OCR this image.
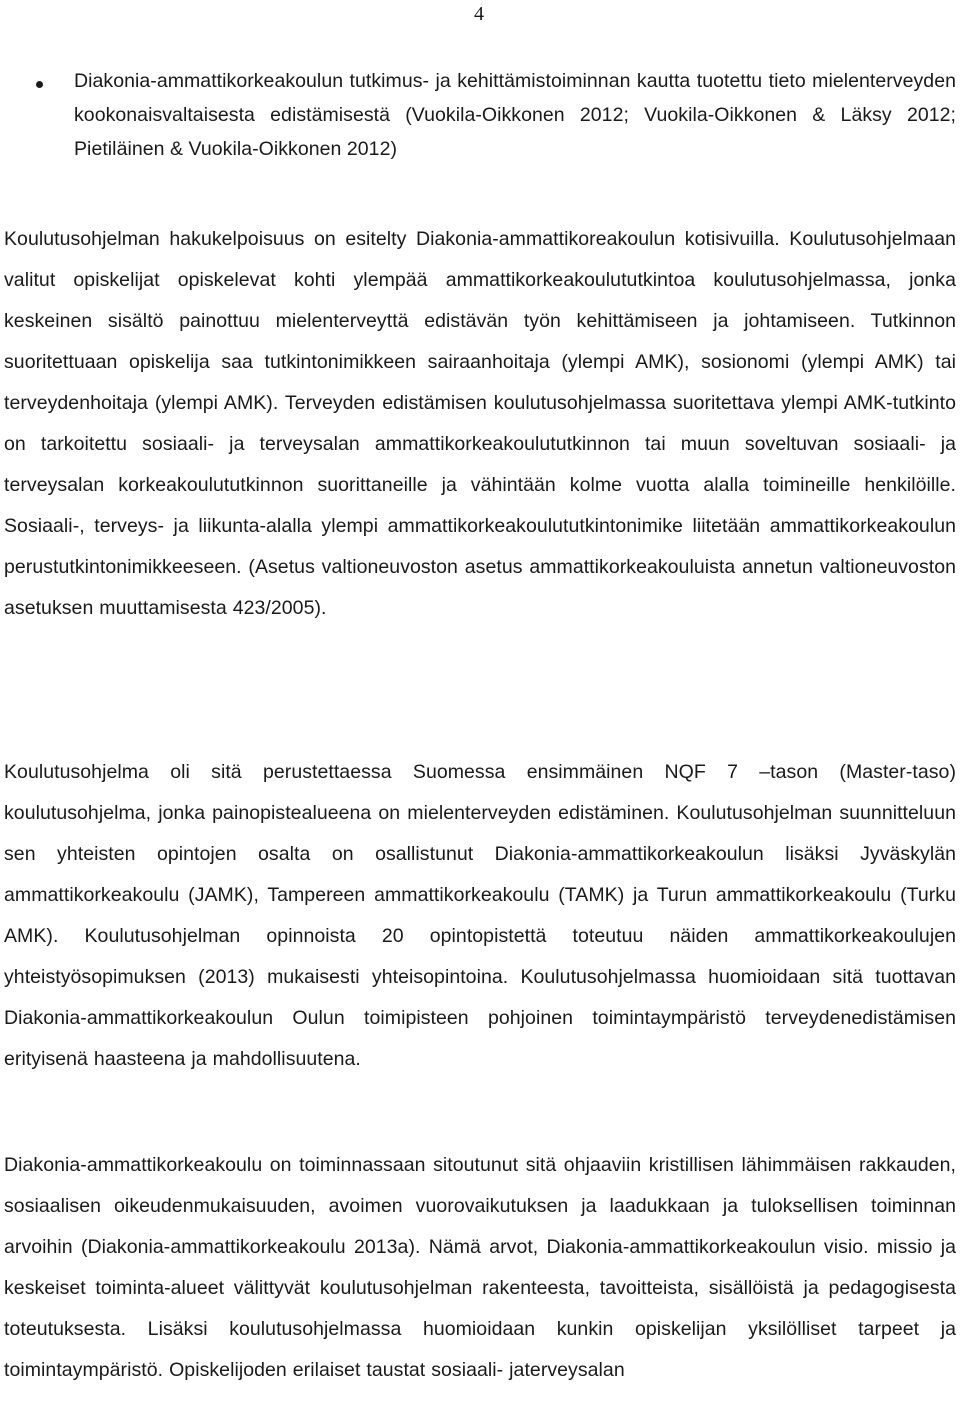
4
Diakonia-ammattikorkeakoulun tutkimus- ja kehittämistoiminnan kautta tuotettu tieto mielenterveyden kookonaisvaltaisesta edistämisestä (Vuokila-Oikkonen 2012; Vuokila-Oikkonen & Läksy 2012; Pietiläinen & Vuokila-Oikkonen 2012)
Koulutusohjelman hakukelpoisuus on esitelty Diakonia-ammattikoreakoulun kotisivuilla. Koulutusohjelmaan valitut opiskelijat opiskelevat kohti ylempää ammattikorkeakoulututkintoa koulutusohjelmassa, jonka keskeinen sisältö painottuu mielenterveyttä edistävän työn kehittämiseen ja johtamiseen. Tutkinnon suoritettuaan opiskelija saa tutkintonimikkeen sairaanhoitaja (ylempi AMK), sosionomi (ylempi AMK) tai terveydenhoitaja (ylempi AMK). Terveyden edistämisen koulutusohjelmassa suoritettava ylempi AMK-tutkinto on tarkoitettu sosiaali- ja terveysalan ammattikorkeakoulututkinnon tai muun soveltuvan sosiaali- ja terveysalan korkeakoulututkinnon suorittaneille ja vähintään kolme vuotta alalla toimineille henkilöille. Sosiaali-, terveys- ja liikunta-alalla ylempi ammattikorkeakoulututkintonimike liitetään ammattikorkeakoulun perustutkintonimikkeeseen. (Asetus valtioneuvoston asetus ammattikorkeakouluista annetun valtioneuvoston asetuksen muuttamisesta 423/2005).
Koulutusohjelma oli sitä perustettaessa Suomessa ensimmäinen NQF 7 –tason (Master-taso) koulutusohjelma, jonka painopistealueena on mielenterveyden edistäminen. Koulutusohjelman suunnitteluun sen yhteisten opintojen osalta on osallistunut Diakonia-ammattikorkeakoulun lisäksi Jyväskylän ammattikorkeakoulu (JAMK), Tampereen ammattikorkeakoulu (TAMK) ja Turun ammattikorkeakoulu (Turku AMK). Koulutusohjelman opinnoista 20 opintopistettä toteutuu näiden ammattikorkeakoulujen yhteistyösopimuksen (2013) mukaisesti yhteisopintoina. Koulutusohjelmassa huomioidaan sitä tuottavan Diakonia-ammattikorkeakoulun Oulun toimipisteen pohjoinen toimintaympäristö terveydenedistämisen erityisenä haasteena ja mahdollisuutena.
Diakonia-ammattikorkeakoulu on toiminnassaan sitoutunut sitä ohjaaviin kristillisen lähimmäisen rakkauden, sosiaalisen oikeudenmukaisuuden, avoimen vuorovaikutuksen ja laadukkaan ja tuloksellisen toiminnan arvoihin (Diakonia-ammattikorkeakoulu 2013a). Nämä arvot, Diakonia-ammattikorkeakoulun visio. missio ja keskeiset toiminta-alueet välittyvät koulutusohjelman rakenteesta, tavoitteista, sisällöistä ja pedagogisesta toteutuksesta. Lisäksi koulutusohjelmassa huomioidaan kunkin opiskelijan yksilölliset tarpeet ja toimintaympäristö. Opiskelijoden erilaiset taustat sosiaali- jaterveysalan
